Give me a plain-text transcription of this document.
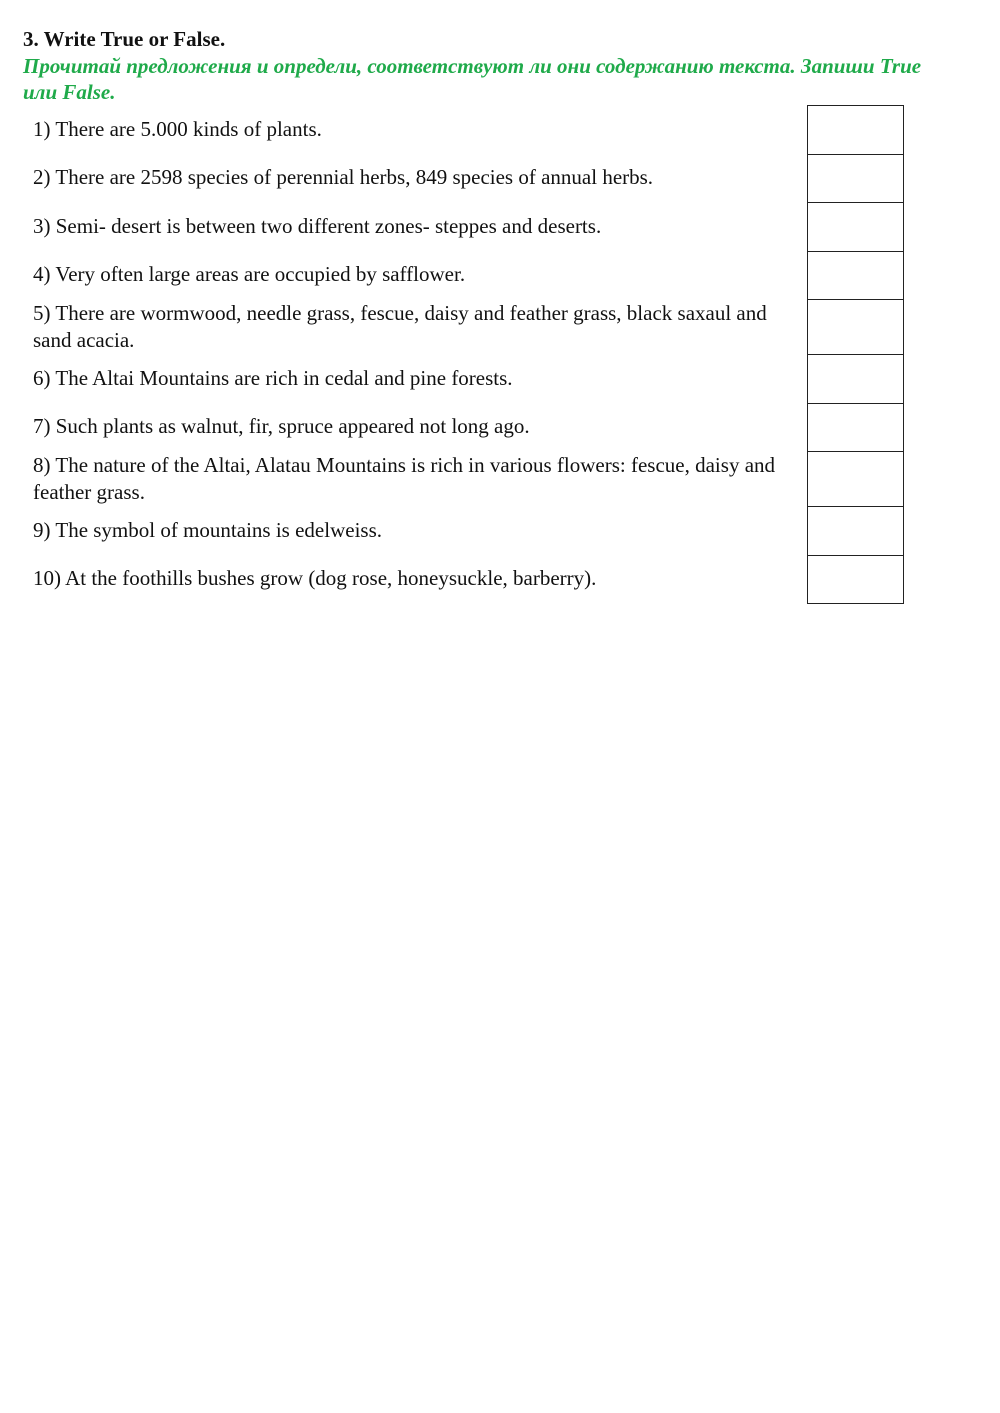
3. Write True or False.
Прочитай предложения и определи, соответствуют ли они содержанию текста. Запиши True или False.
1) There are 5.000 kinds of plants.	
2) There are 2598 species of perennial herbs, 849 species of annual herbs.	
3) Semi- desert is between two different zones- steppes and deserts.	
4) Very often large areas are occupied by safflower.	
5) There are wormwood, needle grass, fescue, daisy and feather grass, black saxaul and sand acacia.	
6) The Altai Mountains are rich in cedal and pine forests.	
7) Such plants as walnut, fir, spruce appeared not long ago.	
8) The nature of the Altai, Alatau Mountains is rich in various flowers: fescue, daisy and feather grass.	
9) The symbol of mountains is edelweiss.	
10) At the foothills bushes grow (dog rose, honeysuckle, barberry).	
